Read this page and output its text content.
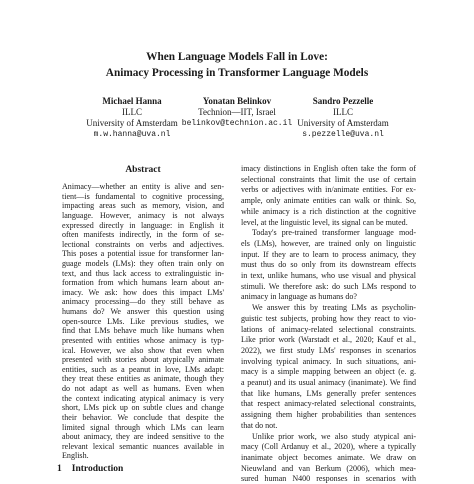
When Language Models Fall in Love:
Animacy Processing in Transformer Language Models
Michael Hanna
ILLC
University of Amsterdam
m.w.hanna@uva.nl
Yonatan Belinkov
Technion—IIT, Israel
belinkov@technion.ac.il
Sandro Pezzelle
ILLC
University of Amsterdam
s.pezzelle@uva.nl
Abstract
Animacy—whether an entity is alive and sen-
tient—is fundamental to cognitive processing,
impacting areas such as memory, vision, and
language. However, animacy is not always
expressed directly in language: in English it
often manifests indirectly, in the form of se-
lectional constraints on verbs and adjectives.
This poses a potential issue for transformer lan-
guage models (LMs): they often train only on
text, and thus lack access to extralinguistic in-
formation from which humans learn about an-
imacy. We ask: how does this impact LMs'
animacy processing—do they still behave as
humans do? We answer this question using
open-source LMs. Like previous studies, we
find that LMs behave much like humans when
presented with entities whose animacy is typ-
ical. However, we also show that even when
presented with stories about atypically animate
entities, such as a peanut in love, LMs adapt:
they treat these entities as animate, though they
do not adapt as well as humans. Even when
the context indicating atypical animacy is very
short, LMs pick up on subtle clues and change
their behavior. We conclude that despite the
limited signal through which LMs can learn
about animacy, they are indeed sensitive to the
relevant lexical semantic nuances available in
English.
imacy distinctions in English often take the form of
selectional constraints that limit the use of certain
verbs or adjectives with in/animate entities. For ex-
ample, only animate entities can walk or think. So,
while animacy is a rich distinction at the cognitive
level, at the linguistic level, its signal can be muted.
Today's pre-trained transformer language mod-
els (LMs), however, are trained only on linguistic
input. If they are to learn to process animacy, they
must thus do so only from its downstream effects
in text, unlike humans, who use visual and physical
stimuli. We therefore ask: do such LMs respond to
animacy in language as humans do?
We answer this by treating LMs as psycholin-
guistic test subjects, probing how they react to vio-
lations of animacy-related selectional constraints.
Like prior work (Warstadt et al., 2020; Kauf et al.,
2022), we first study LMs' responses in scenarios
involving typical animacy. In such situations, ani-
macy is a simple mapping between an object (e. g.
a peanut) and its usual animacy (inanimate). We find
that like humans, LMs generally prefer sentences
that respect animacy-related selectional constraints,
assigning them higher probabilities than sentences
that do not.
Unlike prior work, we also study atypical ani-
macy (Coll Ardanuy et al., 2020), where a typically
inanimate object becomes animate. We draw on
Nieuwland and van Berkum (2006), which mea-
sured human N400 responses in scenarios with
1 Introduction
